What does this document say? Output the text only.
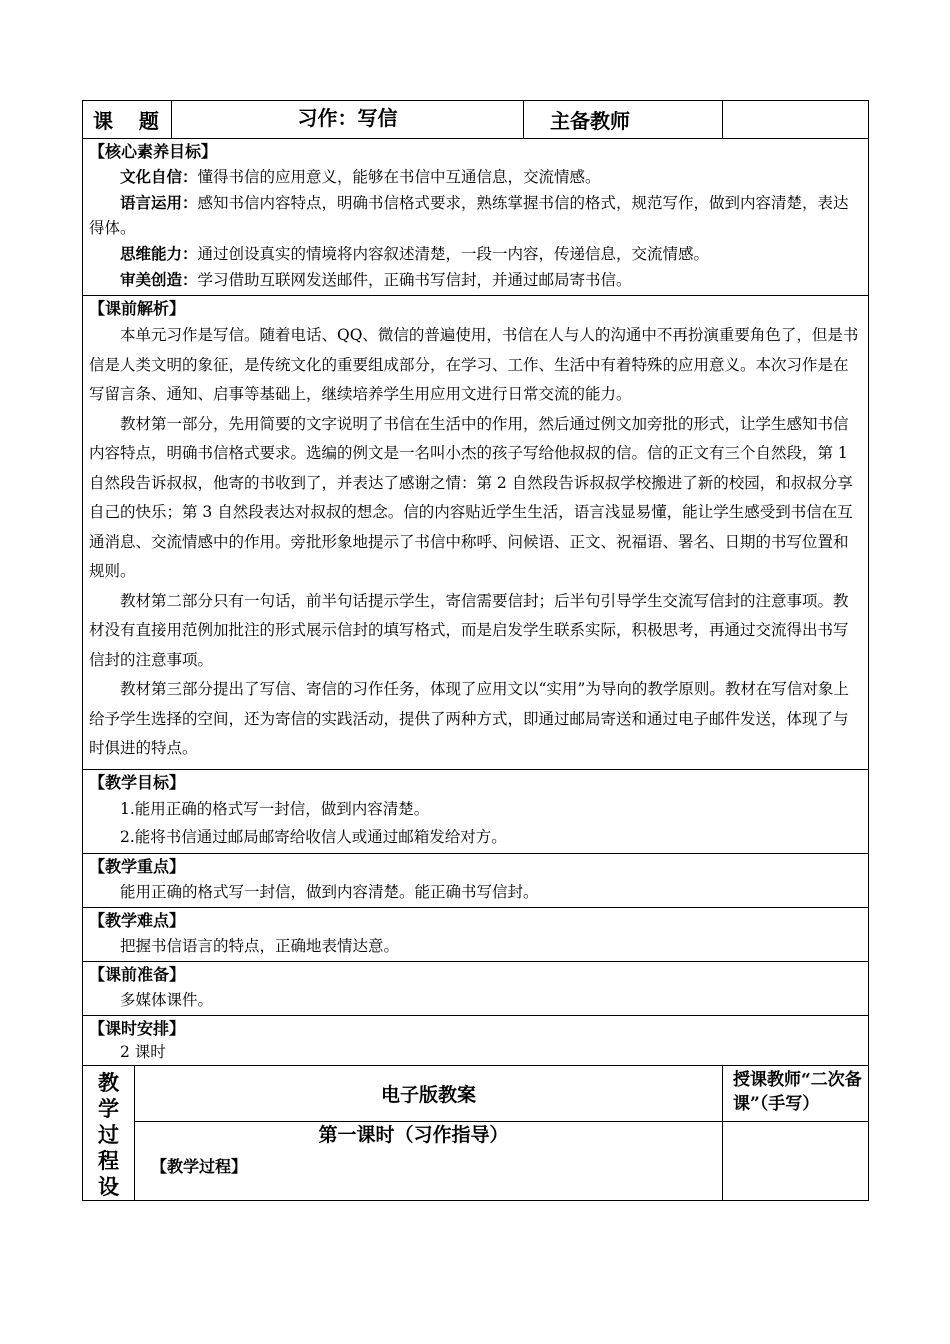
课  题		习作：写信	主备教师	

【核心素养目标】

文化自信：懂得书信的应用意义，能够在书信中互通信息，交流情感。

语言运用：感知书信内容特点，明确书信格式要求，熟练掌握书信的格式，规范写作，做到内容清楚，表达得体。

思维能力：通过创设真实的情境将内容叙述清楚，一段一内容，传递信息，交流情感。

审美创造：学习借助互联网发送邮件，正确书写信封，并通过邮局寄书信。				

【课前解析】

本单元习作是写信。随着电话、QQ、微信的普遍使用，书信在人与人的沟通中不再扮演重要角色了，但是书信是人类文明的象征，是传统文化的重要组成部分，在学习、工作、生活中有着特殊的应用意义。本次习作是在写留言条、通知、启事等基础上，继续培养学生用应用文进行日常交流的能力。

教材第一部分，先用简要的文字说明了书信在生活中的作用，然后通过例文加旁批的形式，让学生感知书信内容特点，明确书信格式要求。选编的例文是一名叫小杰的孩子写给他叔叔的信。信的正文有三个自然段，第 1 自然段告诉叔叔，他寄的书收到了，并表达了感谢之情：第 2 自然段告诉叔叔学校搬进了新的校园，和叔叔分享自己的快乐；第 3 自然段表达对叔叔的想念。信的内容贴近学生生活，语言浅显易懂，能让学生感受到书信在互通消息、交流情感中的作用。旁批形象地提示了书信中称呼、问候语、正文、祝福语、署名、日期的书写位置和规则。

教材第二部分只有一句话，前半句话提示学生，寄信需要信封；后半句引导学生交流写信封的注意事项。教材没有直接用范例加批注的形式展示信封的填写格式，而是启发学生联系实际，积极思考，再通过交流得出书写信封的注意事项。

教材第三部分提出了写信、寄信的习作任务，体现了应用文以“实用”为导向的教学原则。教材在写信对象上给予学生选择的空间，还为寄信的实践活动，提供了两种方式，即通过邮局寄送和通过电子邮件发送，体现了与时俱进的特点。				

【教学目标】

1.能用正确的格式写一封信，做到内容清楚。

2.能将书信通过邮局邮寄给收信人或通过邮箱发给对方。				

【教学重点】

能用正确的格式写一封信，做到内容清楚。能正确书写信封。				

【教学难点】

把握书信语言的特点，正确地表情达意。				

【课前准备】

多媒体课件。				

【课时安排】

2 课时				

教
学
过
程
设	电子版教案			授课教师“二次备课”（手写）

	第一课时（习作指导）
【教学过程】			
